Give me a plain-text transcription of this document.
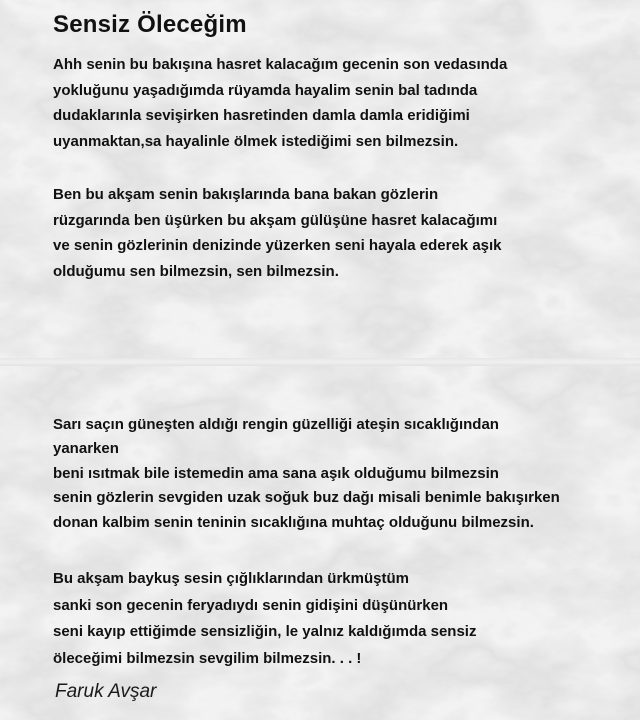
Sensiz Öleceğim
Ahh senin bu bakışına hasret kalacağım gecenin son vedasında
yokluğunu yaşadığımda rüyamda hayalim senin bal tadında
dudaklarınla sevişirken hasretinden damla damla eridiğimi
uyanmaktan,sa hayalinle ölmek istediğimi sen bilmezsin.
Ben bu akşam senin bakışlarında bana bakan gözlerin
rüzgarında ben üşürken bu akşam gülüşüne hasret kalacağımı
ve senin gözlerinin denizinde yüzerken seni hayala ederek aşık
olduğumu sen bilmezsin, sen bilmezsin.
Sarı saçın güneşten aldığı rengin güzelliği ateşin sıcaklığından
yanarken
beni ısıtmak bile istemedin ama sana aşık olduğumu bilmezsin
senin gözlerin sevgiden uzak soğuk buz dağı misali benimle bakışırken
donan kalbim senin teninin sıcaklığına muhtaç olduğunu bilmezsin.
Bu akşam baykuş sesin çığlıklarından ürkmüştüm
sanki son gecenin feryadıydı senin gidişini düşünürken
seni kayıp ettiğimde sensizliğin, le yalnız kaldığımda sensiz
öleceğimi bilmezsin sevgilim bilmezsin. . . !

Faruk Avşar
